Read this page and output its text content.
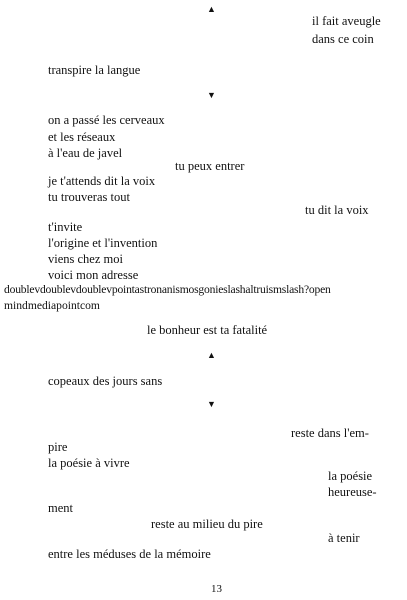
▲
il fait aveugle
dans ce coin
transpire la langue
▼
on a passé les cerveaux
et les réseaux
à l'eau de javel
tu peux entrer
je t'attends dit la voix
tu trouveras tout
tu dit la voix
t'invite
l'origine et l'invention
viens chez moi
voici mon adresse
doublevdoublevdoublevpointastronanismosgonieslashaltruismslash?open
mindmediapointcom
le bonheur est ta fatalité
▲
copeaux des jours sans
▼
reste dans l'em-
pire
la poésie à vivre
la poésie
heureuse-
ment
reste au milieu du pire
à tenir
entre les méduses de la mémoire
13
